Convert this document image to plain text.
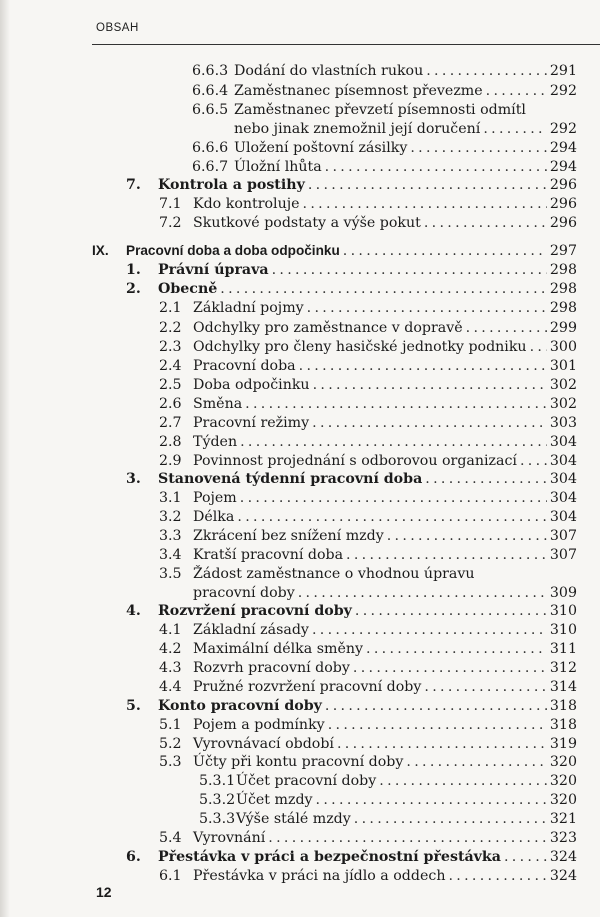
OBSAH
6.6.3 Dodání do vlastních rukou . . .	291
6.6.4 Zaměstnanec písemnost převezme . . .	292
6.6.5 Zaměstnanec převzetí písemnosti odmítl
nebo jinak znemožnil její doručení . . .	292
6.6.6 Uložení poštovní zásilky . . .	294
6.6.7 Úložní lhůta . . .	294
7. Kontrola a postihy . . .	296
7.1 Kdo kontroluje . . .	296
7.2 Skutkové podstaty a výše pokut . . .	296
IX. Pracovní doba a doba odpočinku . . .	297
1. Právní úprava . . .	298
2. Obecně . . .	298
2.1 Základní pojmy . . .	298
2.2 Odchylky pro zaměstnance v dopravě . . .	299
2.3 Odchylky pro členy hasičské jednotky podniku . . . 300
2.4 Pracovní doba . . .	301
2.5 Doba odpočinku . . .	302
2.6 Směna . . .	302
2.7 Pracovní režimy . . .	303
2.8 Týden . . .	304
2.9 Povinnost projednání s odborovou organizací . . . 304
3. Stanovená týdenní pracovní doba . . .	304
3.1 Pojem . . .	304
3.2 Délka . . .	304
3.3 Zkrácení bez snížení mzdy . . .	307
3.4 Kratší pracovní doba . . .	307
3.5 Žádost zaměstnance o vhodnou úpravu
pracovní doby . . .	309
4. Rozvržení pracovní doby . . .	310
4.1 Základní zásady . . .	310
4.2 Maximální délka směny . . .	311
4.3 Rozvrh pracovní doby . . .	312
4.4 Pružné rozvržení pracovní doby . . .	314
5. Konto pracovní doby . . .	318
5.1 Pojem a podmínky . . .	318
5.2 Vyrovnávací období . . .	319
5.3 Účty při kontu pracovní doby . . .	320
5.3.1 Účet pracovní doby . . .	320
5.3.2 Účet mzdy . . .	320
5.3.3 Výše stálé mzdy . . .	321
5.4 Vyrovnání . . .	323
6. Přestávka v práci a bezpečnostní přestávka . . .	324
6.1 Přestávka v práci na jídlo a oddech . . .	324
12
